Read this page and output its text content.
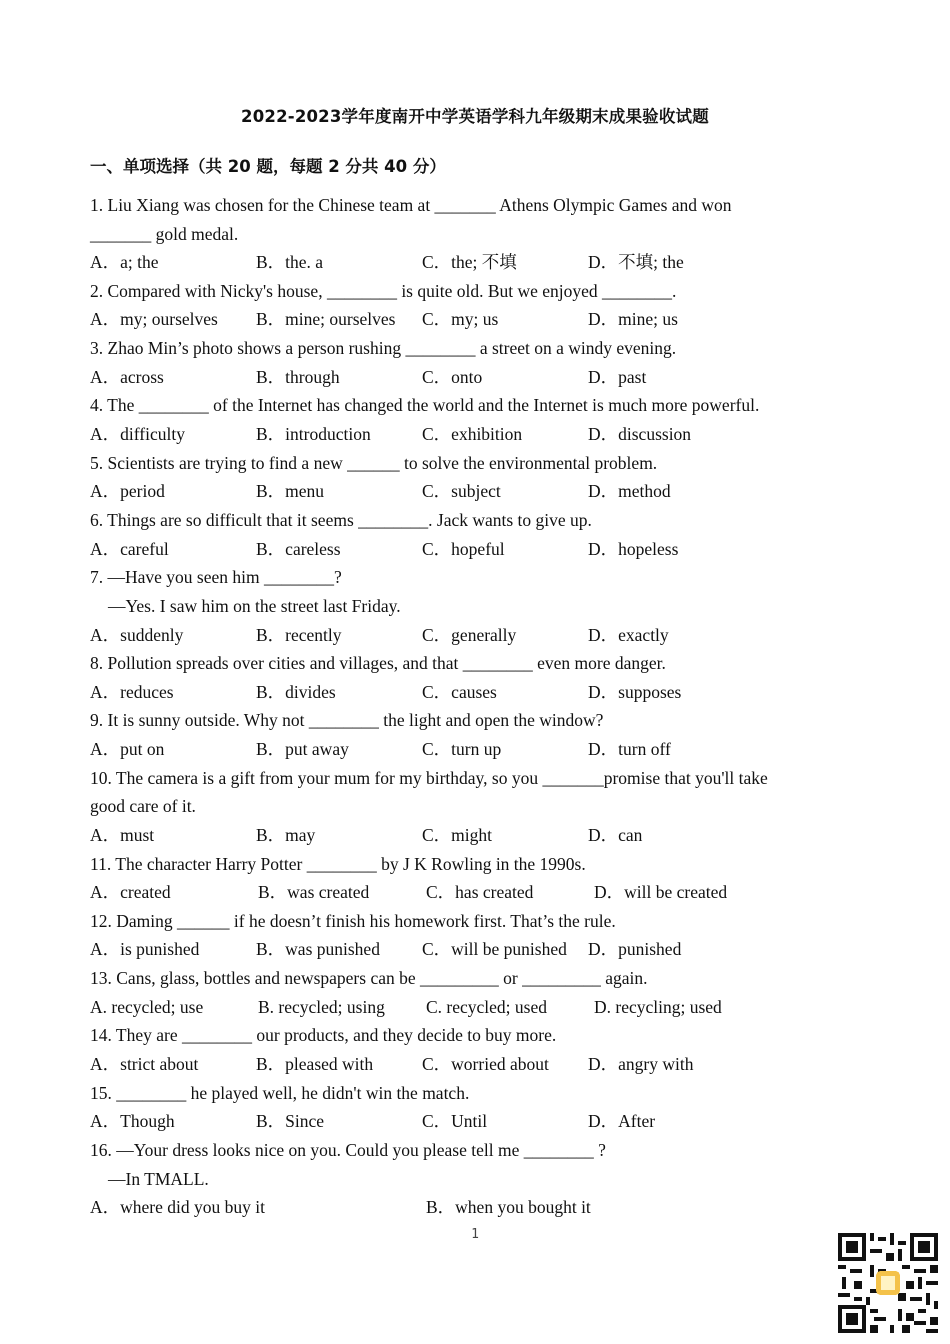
2022-2023学年度南开中学英语学科九年级期末成果验收试题
一、单项选择（共 20 题，每题 2 分共 40 分）
1. Liu Xiang was chosen for the Chinese team at _______ Athens Olympic Games and won
_______ gold medal.
2. Compared with Nicky's house, ________ is quite old. But we enjoyed ________.
3. Zhao Min’s photo shows a person rushing ________ a street on a windy evening.
4. The ________ of the Internet has changed the world and the Internet is much more powerful.
5. Scientists are trying to find a new ______ to solve the environmental problem.
6. Things are so difficult that it seems ________. Jack wants to give up.
7. —Have you seen him ________?
—Yes. I saw him on the street last Friday.
8. Pollution spreads over cities and villages, and that ________ even more danger.
9. It is sunny outside. Why not ________ the light and open the window?
10. The camera is a gift from your mum for my birthday, so you _______promise that you'll take
good care of it.
11. The character Harry Potter ________ by J K Rowling in the 1990s.
12. Daming ______ if he doesn’t finish his homework first. That’s the rule.
13. Cans, glass, bottles and newspapers can be _________ or _________ again.
14. They are ________ our products, and they decide to buy more.
15. ________ he played well, he didn't win the match.
16. —Your dress looks nice on you. Could you please tell me ________ ?
—In TMALL.
A．a; the	B．the. a	C．the; 不填	D．不填; the
A．my; ourselves B．mine; ourselves C．my; us	D．mine; us
A．across	B．through	C．onto	D．past
A．difficulty	B．introduction	C．exhibition	D．discussion
A．period	B．menu	C．subject	D．method
A．careful	B．careless	C．hopeful	D．hopeless
A．suddenly	B．recently	C．generally	D．exactly
A．reduces	B．divides	C．causes	D．supposes
A．put on	B．put away	C．turn up	D．turn off
A．must	B．may	C．might	D．can
A．created	B．was created	C．has created	D．will be created
A．is punished	B．was punished C．will be punished D．punished
A. recycled; use	B. recycled; using C. recycled; used	D. recycling; used
A．strict about	B．pleased with	C．worried about D．angry with
A．Though	B．Since	C．Until	D．After
A．where did you buy it	B．when you bought it
1
